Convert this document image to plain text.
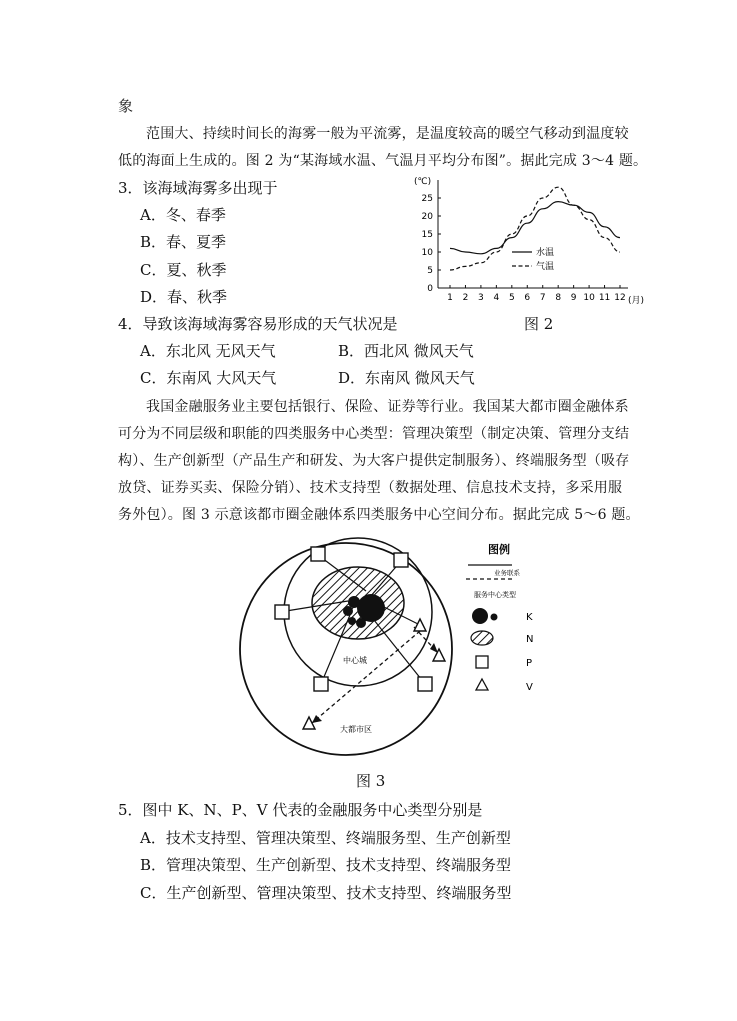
象
范围大、持续时间长的海雾一般为平流雾，是温度较高的暖空气移动到温度较
低的海面上生成的。图 2 为“某海域水温、气温月平均分布图”。据此完成 3～4 题。
3．该海域海雾多出现于
A．冬、春季
B．春、夏季
C．夏、秋季
D．春、秋季
(℃)
0
5
10
15
20
25
1 2 3 4 5 6 7 8 9 10 11 12
水温
气温
(月)
4．导致该海域海雾容易形成的天气状况是	图 2
A．东北风 无风天气	B．西北风 微风天气
C．东南风 大风天气	D．东南风 微风天气
我国金融服务业主要包括银行、保险、证券等行业。我国某大都市圈金融体系
可分为不同层级和职能的四类服务中心类型：管理决策型（制定决策、管理分支结
构）、生产创新型（产品生产和研发、为大客户提供定制服务）、终端服务型（吸存
放贷、证券买卖、保险分销）、技术支持型（数据处理、信息技术支持，多采用服
务外包）。图 3 示意该都市圈金融体系四类服务中心空间分布。据此完成 5～6 题。
中心城
大都市区
图例
业务联系
服务中心类型
K
N
P
V
图 3
5．图中 K、N、P、V 代表的金融服务中心类型分别是
A．技术支持型、管理决策型、终端服务型、生产创新型
B．管理决策型、生产创新型、技术支持型、终端服务型
C．生产创新型、管理决策型、技术支持型、终端服务型
